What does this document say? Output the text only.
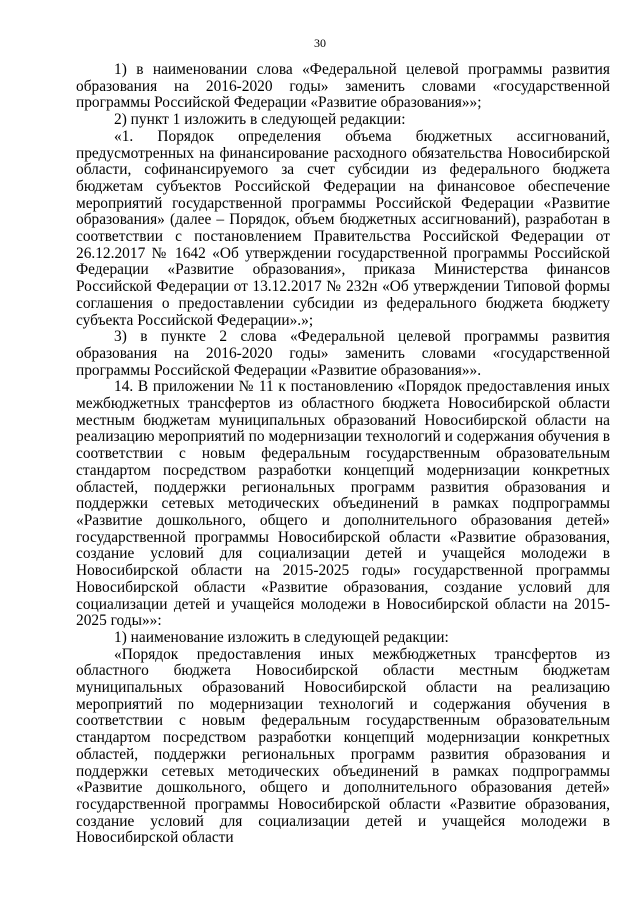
30

1) в наименовании слова «Федеральной целевой программы развития образования на 2016-2020 годы» заменить словами «государственной программы Российской Федерации «Развитие образования»»;

2) пункт 1 изложить в следующей редакции:

«1. Порядок определения объема бюджетных ассигнований, предусмотренных на финансирование расходного обязательства Новосибирской области, софинансируемого за счет субсидии из федерального бюджета бюджетам субъектов Российской Федерации на финансовое обеспечение мероприятий государственной программы Российской Федерации «Развитие образования» (далее – Порядок, объем бюджетных ассигнований), разработан в соответствии с постановлением Правительства Российской Федерации от 26.12.2017 № 1642 «Об утверждении государственной программы Российской Федерации «Развитие образования», приказа Министерства финансов Российской Федерации от 13.12.2017 № 232н «Об утверждении Типовой формы соглашения о предоставлении субсидии из федерального бюджета бюджету субъекта Российской Федерации».»;

3) в пункте 2 слова «Федеральной целевой программы развития образования на 2016-2020 годы» заменить словами «государственной программы Российской Федерации «Развитие образования»».

14. В приложении № 11 к постановлению «Порядок предоставления иных межбюджетных трансфертов из областного бюджета Новосибирской области местным бюджетам муниципальных образований Новосибирской области на реализацию мероприятий по модернизации технологий и содержания обучения в соответствии с новым федеральным государственным образовательным стандартом посредством разработки концепций модернизации конкретных областей, поддержки региональных программ развития образования и поддержки сетевых методических объединений в рамках подпрограммы «Развитие дошкольного, общего и дополнительного образования детей» государственной программы Новосибирской области «Развитие образования, создание условий для социализации детей и учащейся молодежи в Новосибирской области на 2015-2025 годы» государственной программы Новосибирской области «Развитие образования, создание условий для социализации детей и учащейся молодежи в Новосибирской области на 2015-2025 годы»»:

1) наименование изложить в следующей редакции:

«Порядок предоставления иных межбюджетных трансфертов из областного бюджета Новосибирской области местным бюджетам муниципальных образований Новосибирской области на реализацию мероприятий по модернизации технологий и содержания обучения в соответствии с новым федеральным государственным образовательным стандартом посредством разработки концепций модернизации конкретных областей, поддержки региональных программ развития образования и поддержки сетевых методических объединений в рамках подпрограммы «Развитие дошкольного, общего и дополнительного образования детей» государственной программы Новосибирской области «Развитие образования, создание условий для социализации детей и учащейся молодежи в Новосибирской области
